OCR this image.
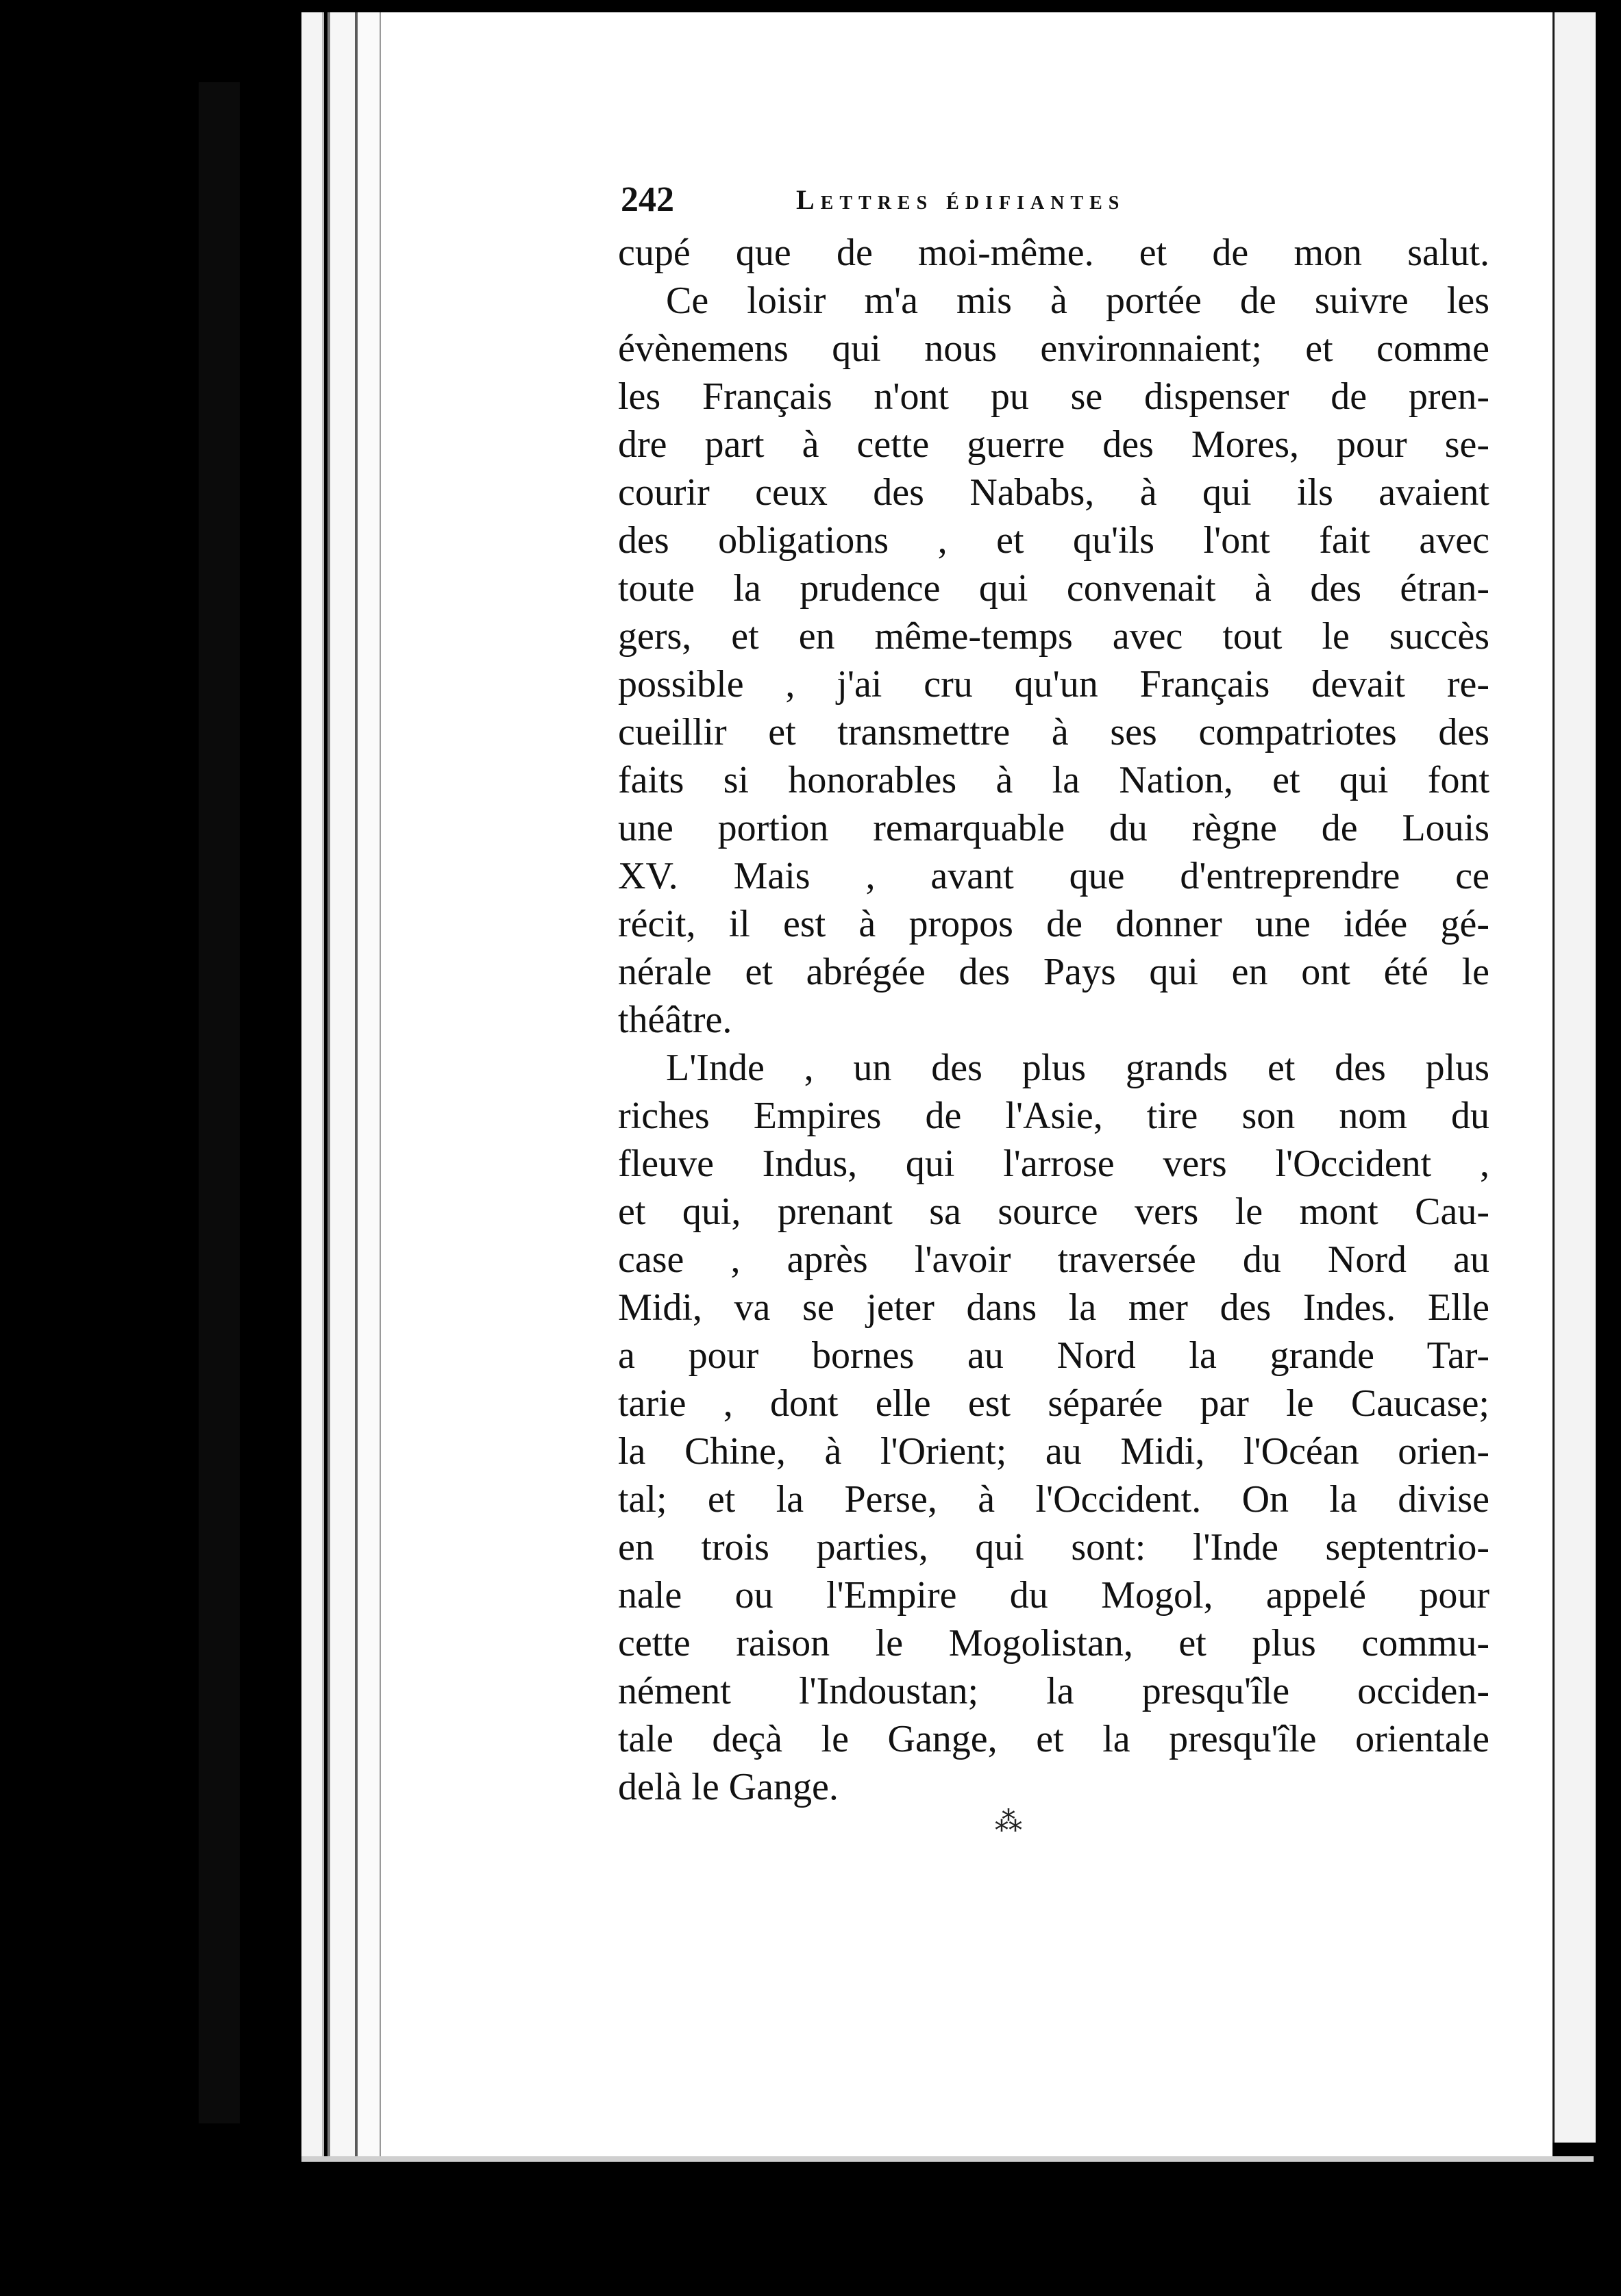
242	Lettres édifiantes
cupé que de moi-même. et de mon salut.
Ce loisir m'a mis à portée de suivre les
évènemens qui nous environnaient; et comme
les Français n'ont pu se dispenser de pren-
dre part à cette guerre des Mores, pour se-
courir ceux des Nababs, à qui ils avaient
des obligations , et qu'ils l'ont fait avec
toute la prudence qui convenait à des étran-
gers, et en même-temps avec tout le succès
possible , j'ai cru qu'un Français devait re-
cueillir et transmettre à ses compatriotes des
faits si honorables à la Nation, et qui font
une portion remarquable du règne de Louis
XV. Mais , avant que d'entreprendre ce
récit, il est à propos de donner une idée gé-
nérale et abrégée des Pays qui en ont été le
théâtre.
L'Inde , un des plus grands et des plus
riches Empires de l'Asie, tire son nom du
fleuve Indus, qui l'arrose vers l'Occident ,
et qui, prenant sa source vers le mont Cau-
case , après l'avoir traversée du Nord au
Midi, va se jeter dans la mer des Indes. Elle
a pour bornes au Nord la grande Tar-
tarie , dont elle est séparée par le Caucase;
la Chine, à l'Orient; au Midi, l'Océan orien-
tal; et la Perse, à l'Occident. On la divise
en trois parties, qui sont: l'Inde septentrio-
nale ou l'Empire du Mogol, appelé pour
cette raison le Mogolistan, et plus commu-
nément l'Indoustan; la presqu'île occiden-
tale deçà le Gange, et la presqu'île orientale
delà le Gange.
⁂
